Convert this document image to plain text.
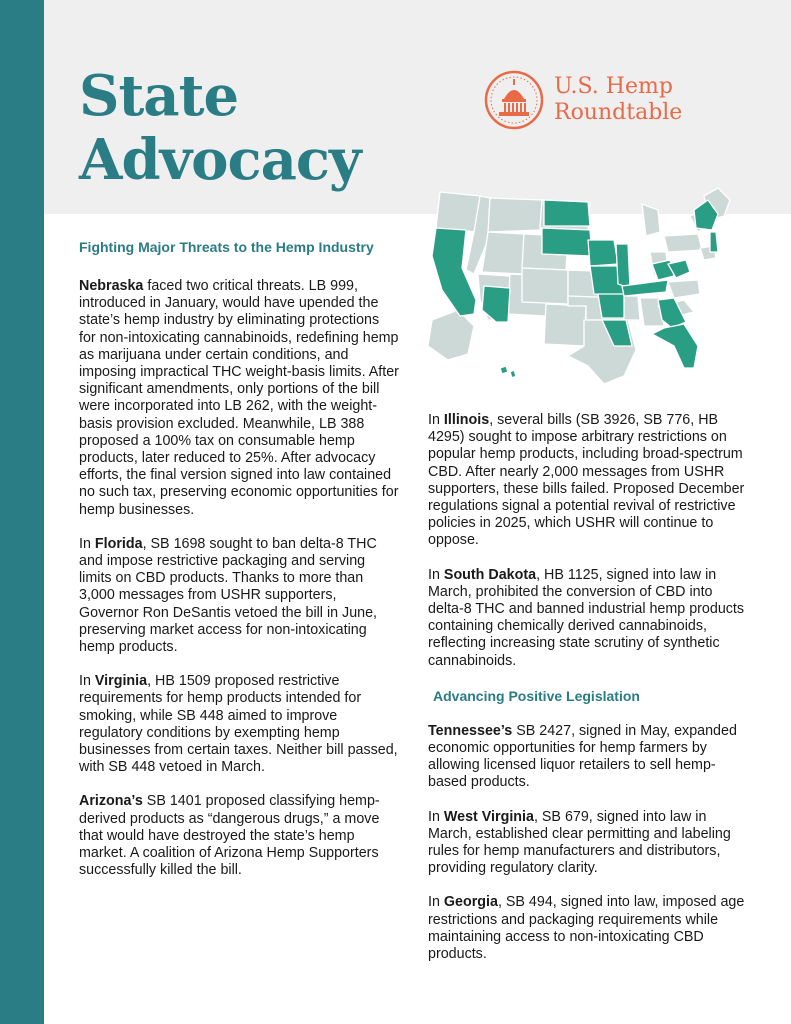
State
Advocacy
U.S. Hemp
Roundtable
Fighting Major Threats to the Hemp Industry

Nebraska faced two critical threats. LB 999, introduced in January, would have upended the state’s hemp industry by eliminating protections for non-intoxicating cannabinoids, redefining hemp as marijuana under certain conditions, and imposing impractical THC weight-basis limits. After significant amendments, only portions of the bill were incorporated into LB 262, with the weight-basis provision excluded. Meanwhile, LB 388 proposed a 100% tax on consumable hemp products, later reduced to 25%. After advocacy efforts, the final version signed into law contained no such tax, preserving economic opportunities for hemp businesses.

In Florida, SB 1698 sought to ban delta-8 THC and impose restrictive packaging and serving limits on CBD products. Thanks to more than 3,000 messages from USHR supporters, Governor Ron DeSantis vetoed the bill in June, preserving market access for non-intoxicating hemp products.

In Virginia, HB 1509 proposed restrictive requirements for hemp products intended for smoking, while SB 448 aimed to improve regulatory conditions by exempting hemp businesses from certain taxes. Neither bill passed, with SB 448 vetoed in March.

Arizona’s SB 1401 proposed classifying hemp-derived products as “dangerous drugs,” a move that would have destroyed the state’s hemp market. A coalition of Arizona Hemp Supporters successfully killed the bill.

In Illinois, several bills (SB 3926, SB 776, HB 4295) sought to impose arbitrary restrictions on popular hemp products, including broad-spectrum CBD. After nearly 2,000 messages from USHR supporters, these bills failed. Proposed December regulations signal a potential revival of restrictive policies in 2025, which USHR will continue to oppose.

In South Dakota, HB 1125, signed into law in March, prohibited the conversion of CBD into delta-8 THC and banned industrial hemp products containing chemically derived cannabinoids, reflecting increasing state scrutiny of synthetic cannabinoids.

Advancing Positive Legislation

Tennessee’s SB 2427, signed in May, expanded economic opportunities for hemp farmers by allowing licensed liquor retailers to sell hemp-based products.

In West Virginia, SB 679, signed into law in March, established clear permitting and labeling rules for hemp manufacturers and distributors, providing regulatory clarity.

In Georgia, SB 494, signed into law, imposed age restrictions and packaging requirements while maintaining access to non-intoxicating CBD products.
